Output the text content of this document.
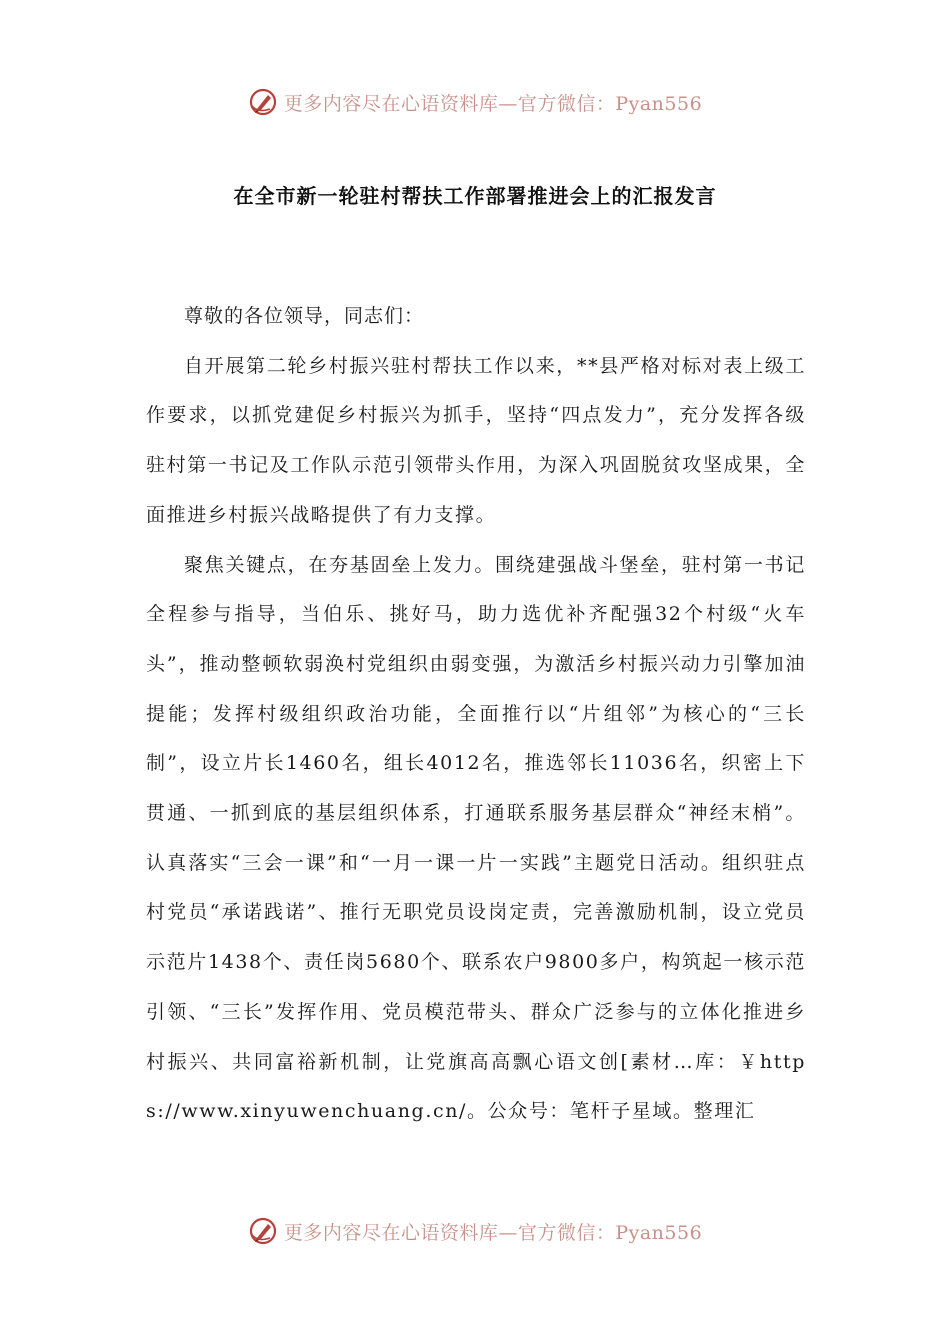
更多内容尽在心语资料库—官方微信：Pyan556
在全市新一轮驻村帮扶工作部署推进会上的汇报发言

尊敬的各位领导，同志们：

自开展第二轮乡村振兴驻村帮扶工作以来，**县严格对标对表上级工作要求，以抓党建促乡村振兴为抓手，坚持“四点发力”，充分发挥各级驻村第一书记及工作队示范引领带头作用，为深入巩固脱贫攻坚成果，全面推进乡村振兴战略提供了有力支撑。

聚焦关键点，在夯基固垒上发力。围绕建强战斗堡垒，驻村第一书记全程参与指导，当伯乐、挑好马，助力选优补齐配强32个村级“火车头”，推动整顿软弱涣村党组织由弱变强，为激活乡村振兴动力引擎加油提能；发挥村级组织政治功能，全面推行以“片组邻”为核心的“三长制”，设立片长1460名，组长4012名，推选邻长11036名，织密上下贯通、一抓到底的基层组织体系，打通联系服务基层群众“神经末梢”。认真落实“三会一课”和“一月一课一片一实践”主题党日活动。组织驻点村党员“承诺践诺”、推行无职党员设岗定责，完善激励机制，设立党员示范片1438个、责任岗5680个、联系农户9800多户，构筑起一核示范引领、“三长”发挥作用、党员模范带头、群众广泛参与的立体化推进乡村振兴、共同富裕新机制，让党旗高高飘心语文创[素材…库：￥https://www.xinyuwenchuang.cn/。公众号：笔杆子星域。整理汇

更多内容尽在心语资料库—官方微信：Pyan556
